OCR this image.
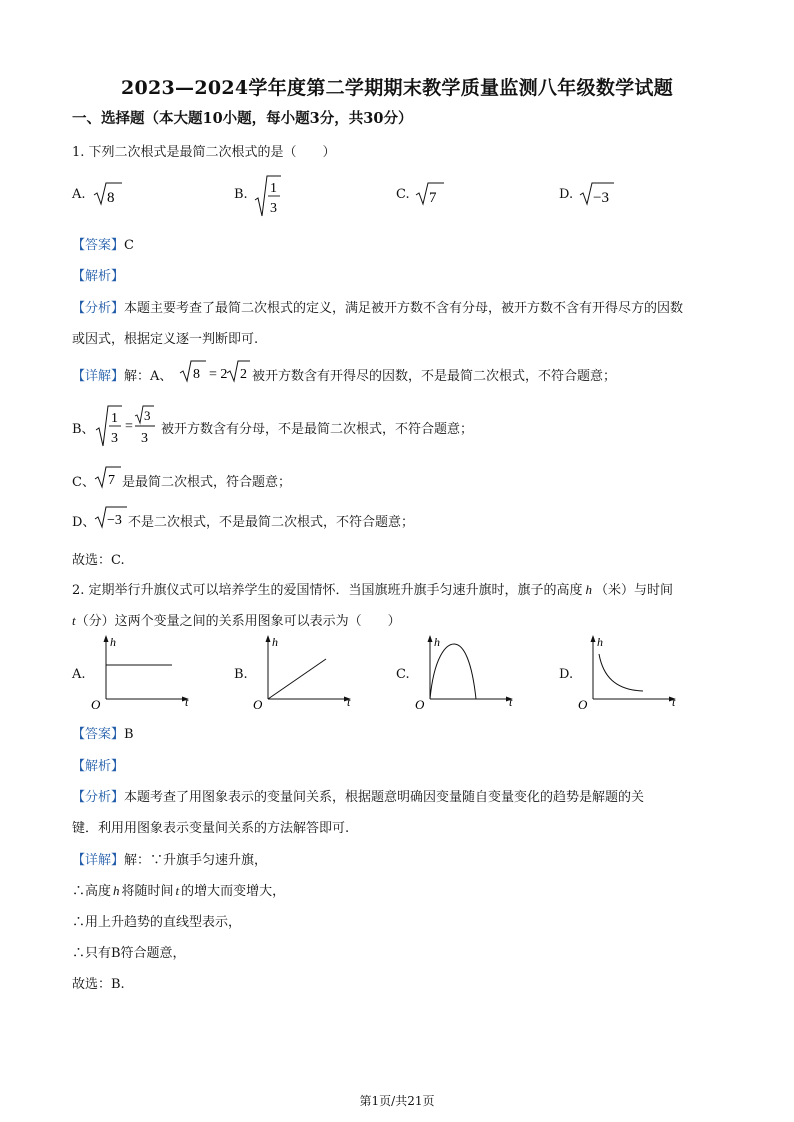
2023—2024学年度第二学期期末教学质量监测八年级数学试题
一、选择题（本大题10小题，每小题3分，共30分）
1. 下列二次根式是最简二次根式的是（　　）
A. 8	B. 1
3
C. 7	D. −3
【答案】C
【解析】
【分析】本题主要考查了最简二次根式的定义，满足被开方数不含有分母，被开方数不含有开得尽方的因数
或因式，根据定义逐一判断即可.
【详解】解：A、 8 = 2 2 被开方数含有开得尽的因数，不是最简二次根式，不符合题意；
B、
1
3
=
3
3
被开方数含有分母，不是最简二次根式，不符合题意；
C、 7 是最简二次根式，符合题意；
D、 −3 不是二次根式，不是最简二次根式，不符合题意；
故选：C.
2. 定期举行升旗仪式可以培养学生的爱国情怀．当国旗班升旗手匀速升旗时，旗子的高度 h （米）与时间
t（分）这两个变量之间的关系用图象可以表示为（　　）
A.
h
t
O
B.
h
t
O
C.
h
t
O
D.
h
t
O
【答案】B
【解析】
【分析】本题考查了用图象表示的变量间关系，根据题意明确因变量随自变量变化的趋势是解题的关
键．利用用图象表示变量间关系的方法解答即可.
【详解】解：∵升旗手匀速升旗，
∴高度 h 将随时间 t 的增大而变增大，
∴用上升趋势的直线型表示，
∴只有B符合题意，
故选：B.
第1页/共21页
